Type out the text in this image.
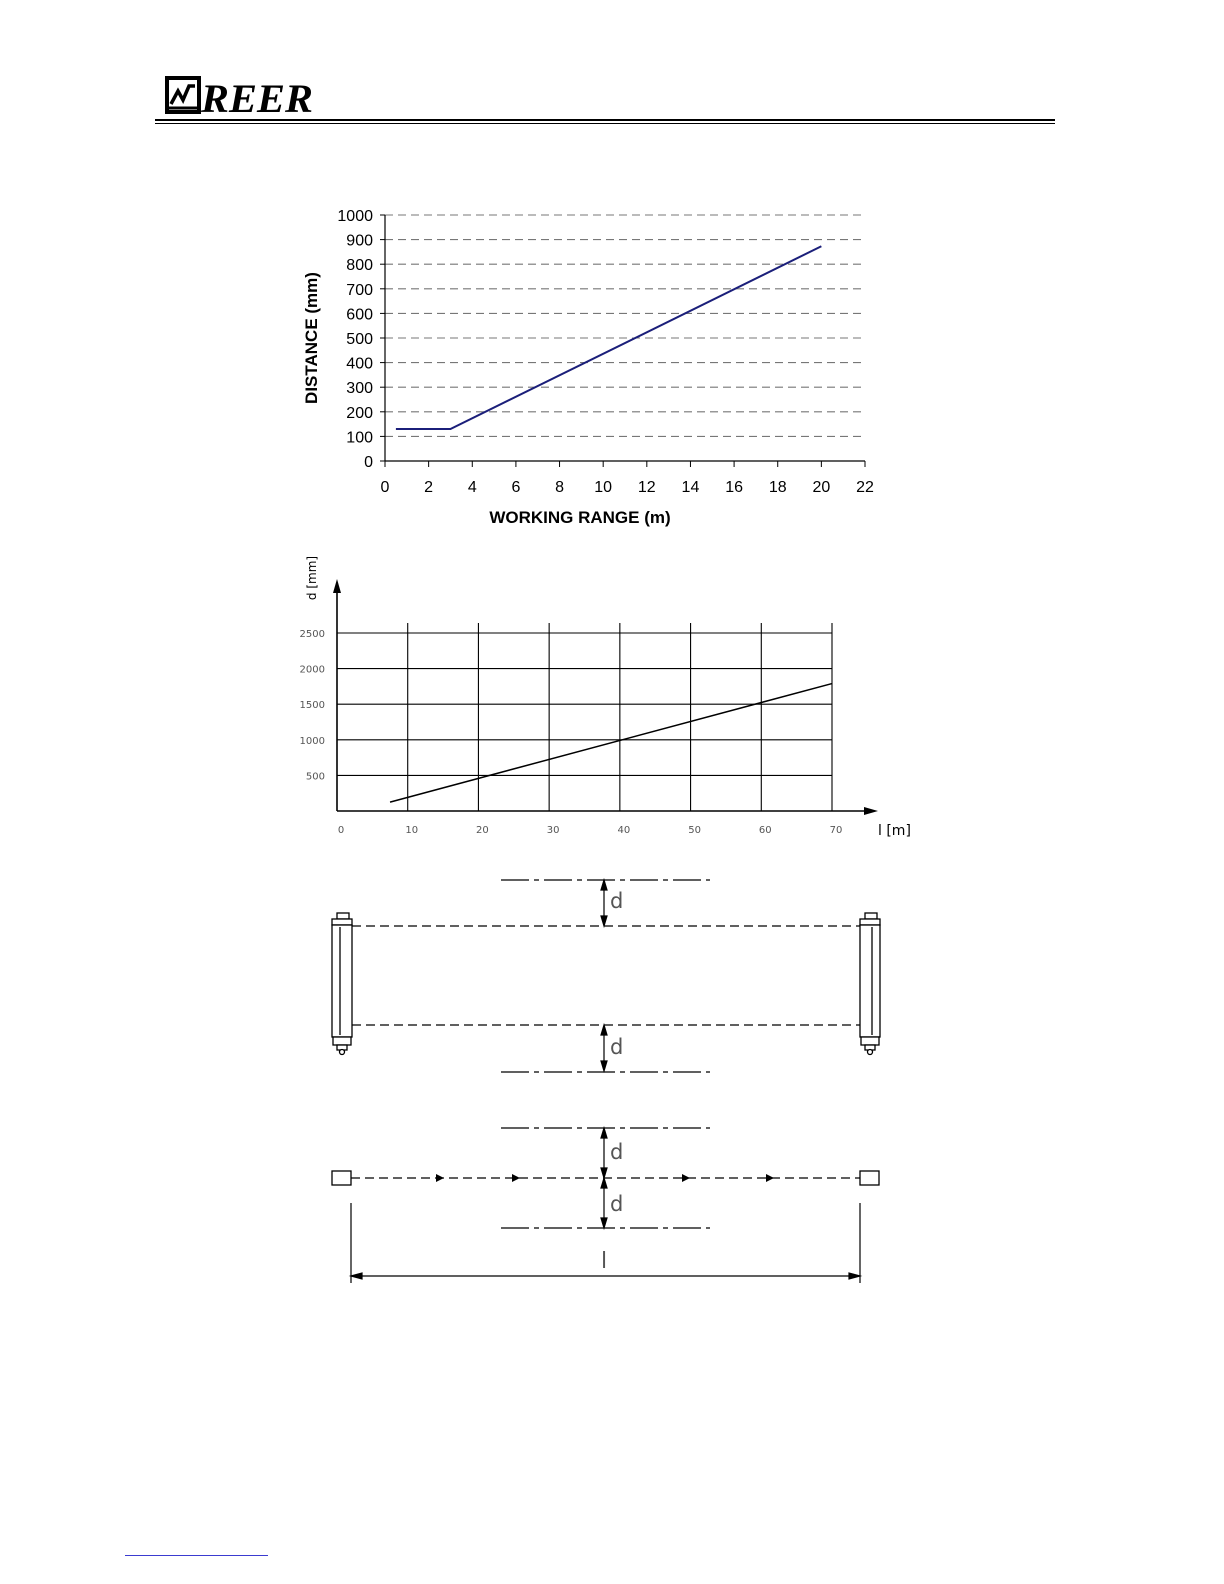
REER
0
100
200
300
400
500
600
700
800
900
1000
0 2 4 6 8 10 12 14 16 18 20 22
WORKING RANGE (m)
DISTANCE (mm)
500
1000
1500
2000
2500
0	10	20	30	40	50	60	70	l [m]
d [mm]
d
d
d
d
l
